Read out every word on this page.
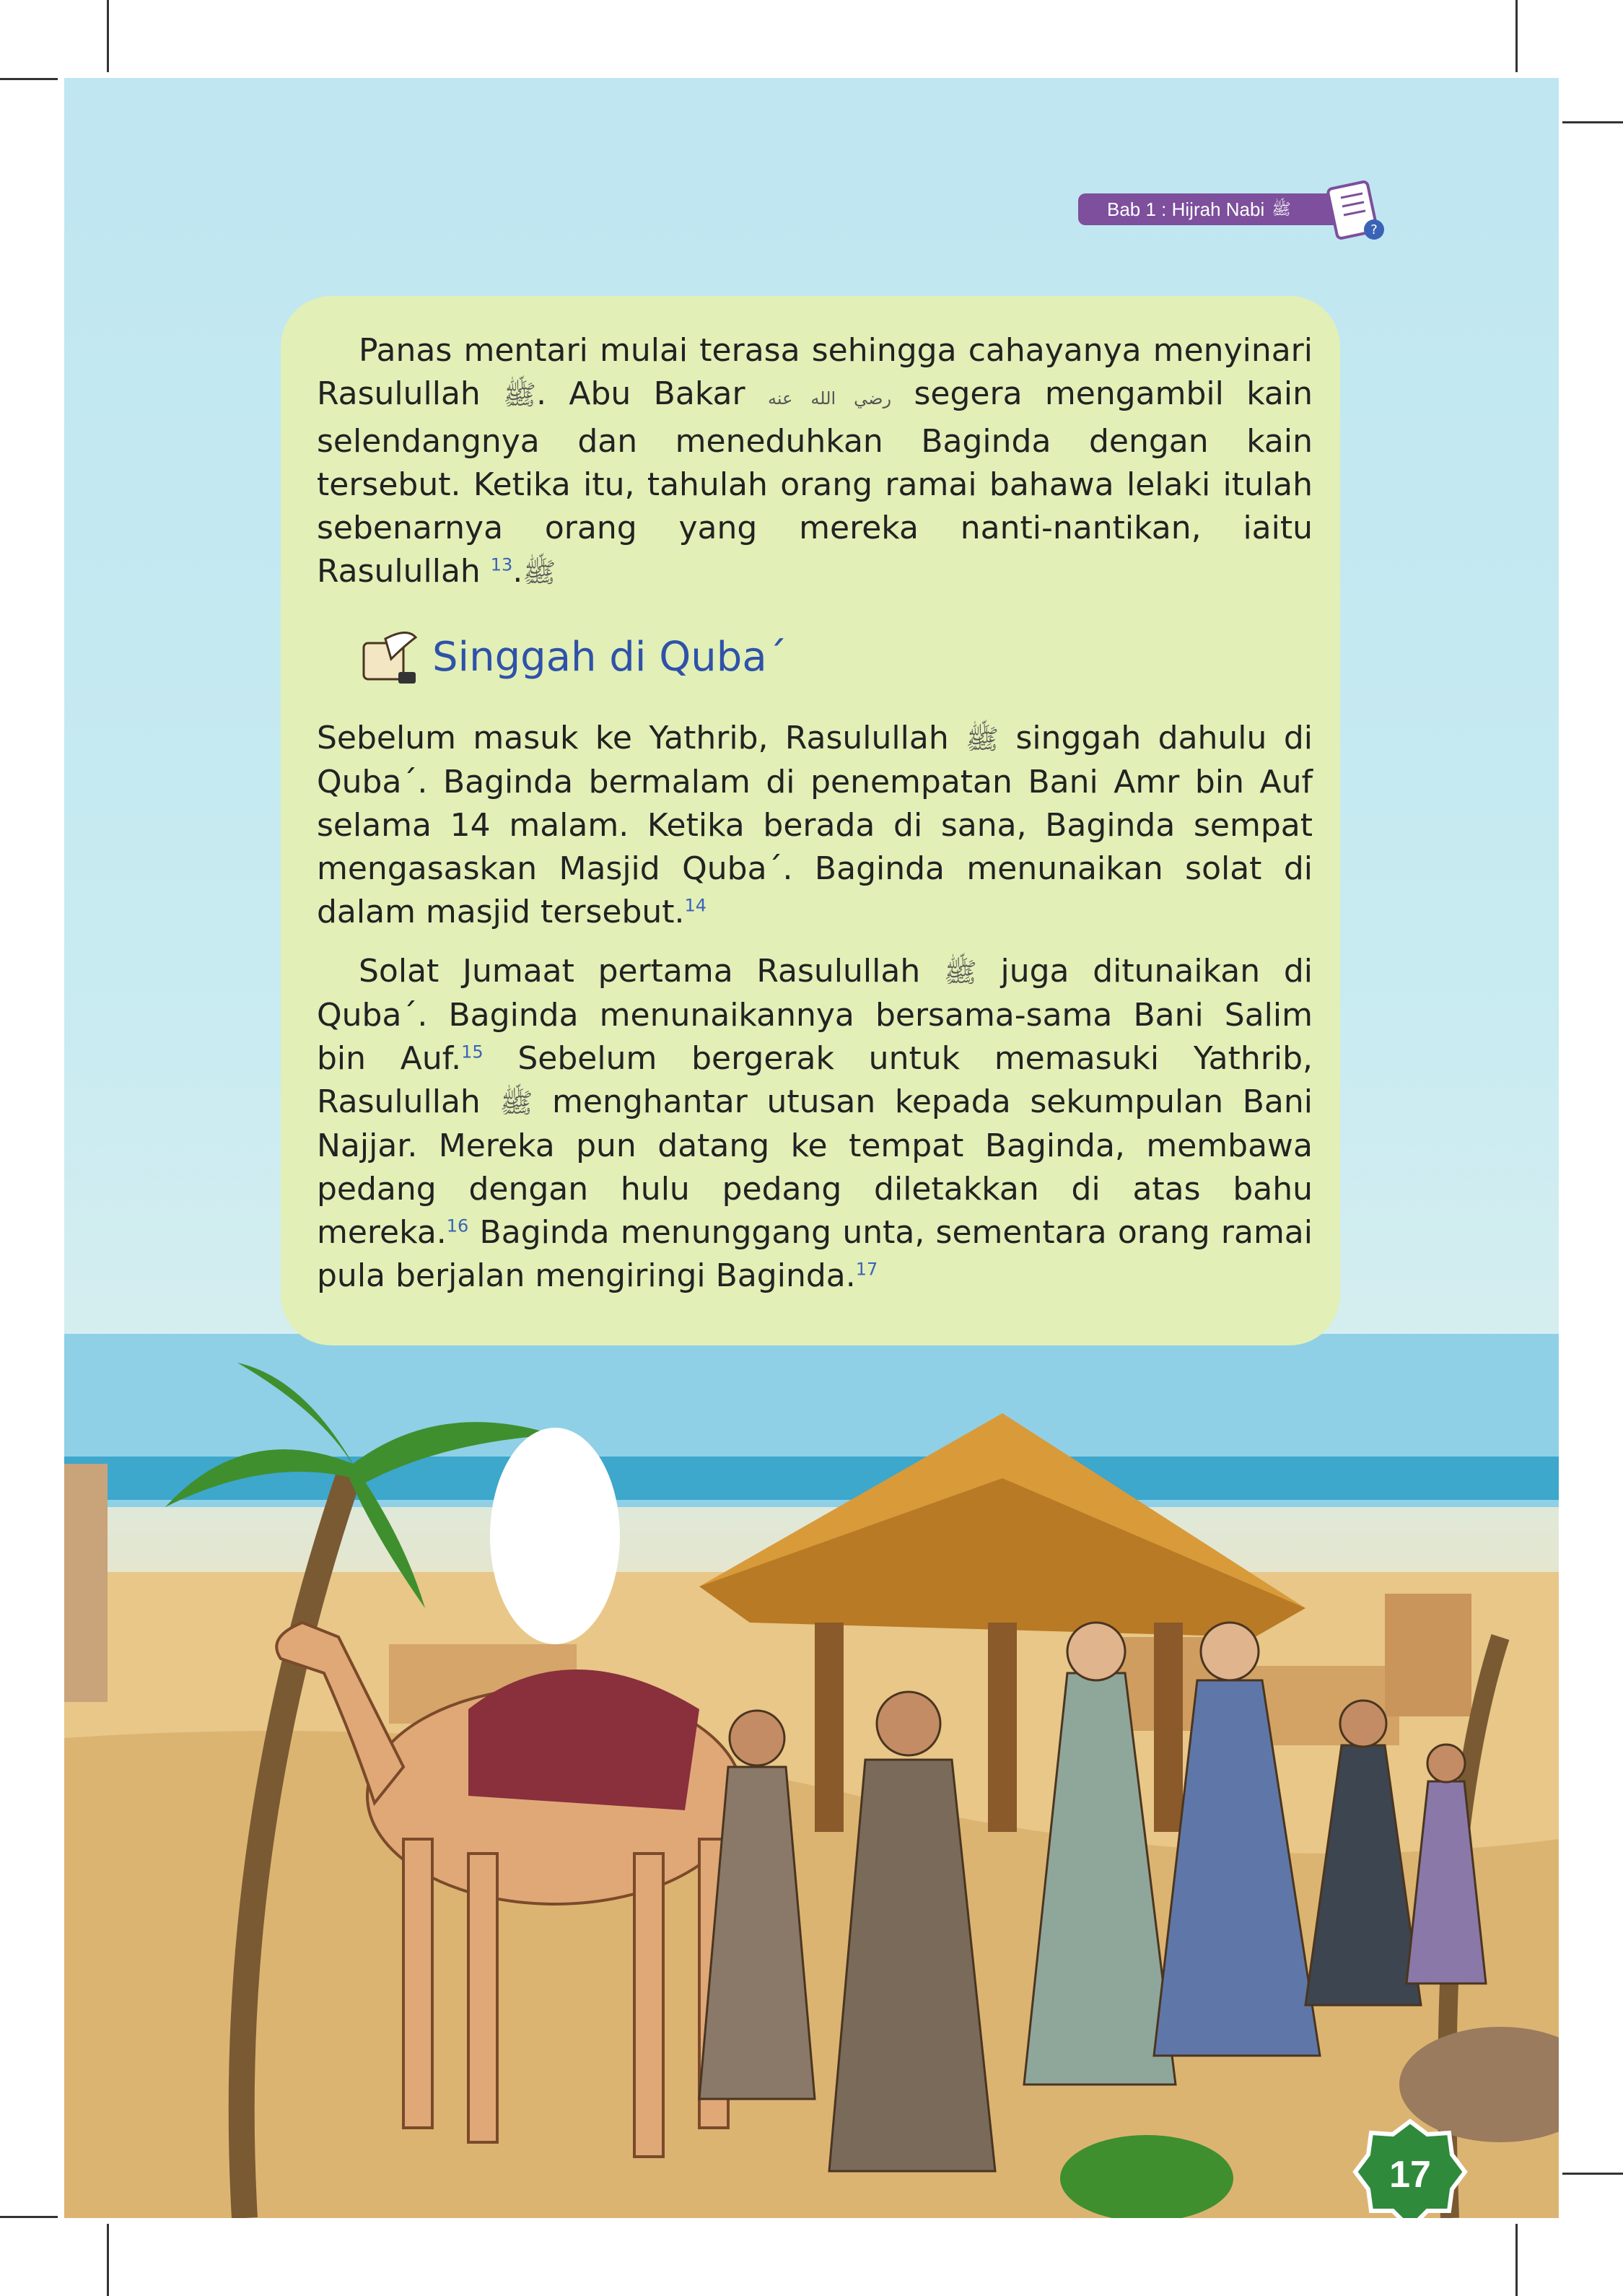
Bab 1 : Hijrah Nabi ﷺ
?

Panas mentari mulai terasa sehingga cahayanya menyinari Rasulullah ﷺ. Abu Bakar رضي الله عنه segera mengambil kain selendangnya dan meneduhkan Baginda dengan kain tersebut. Ketika itu, tahulah orang ramai bahawa lelaki itulah sebenarnya orang yang mereka nanti-nantikan, iaitu Rasulullah ﷺ.$^{13}$

Singgah di Quba´

Sebelum masuk ke Yathrib, Rasulullah ﷺ singgah dahulu di Quba´. Baginda bermalam di penempatan Bani Amr bin Auf selama 14 malam. Ketika berada di sana, Baginda sempat mengasaskan Masjid Quba´. Baginda menunaikan solat di dalam masjid tersebut.$^{14}$

Solat Jumaat pertama Rasulullah ﷺ juga ditunaikan di Quba´. Baginda menunaikannya bersama-sama Bani Salim bin Auf.$^{15}$ Sebelum bergerak untuk memasuki Yathrib, Rasulullah ﷺ menghantar utusan kepada sekumpulan Bani Najjar. Mereka pun datang ke tempat Baginda, membawa pedang dengan hulu pedang diletakkan di atas bahu mereka.$^{16}$ Baginda menunggang unta, sementara orang ramai pula berjalan mengiringi Baginda.$^{17}$

17
